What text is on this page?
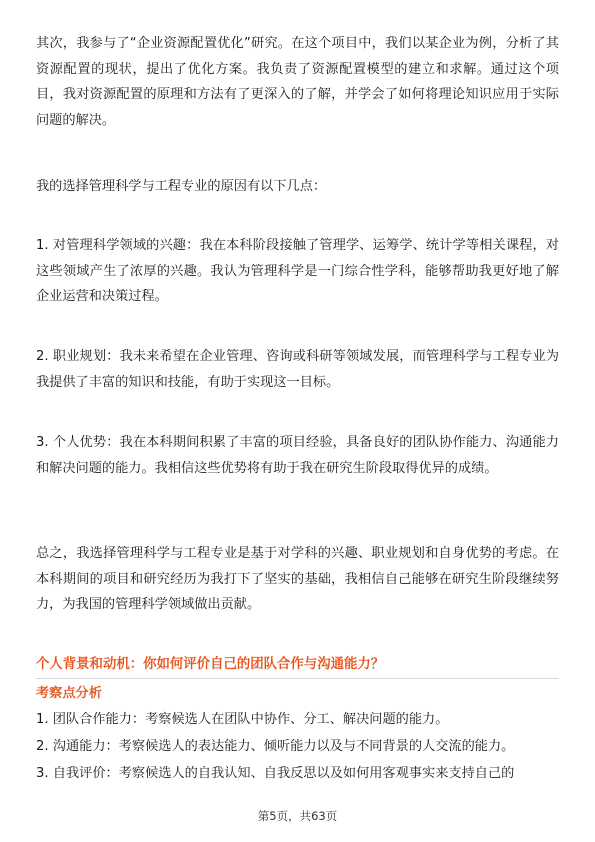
其次，我参与了“企业资源配置优化”研究。在这个项目中，我们以某企业为例，分析了其资源配置的现状，提出了优化方案。我负责了资源配置模型的建立和求解。通过这个项目，我对资源配置的原理和方法有了更深入的了解，并学会了如何将理论知识应用于实际问题的解决。

我的选择管理科学与工程专业的原因有以下几点：

1. 对管理科学领域的兴趣：我在本科阶段接触了管理学、运筹学、统计学等相关课程，对这些领域产生了浓厚的兴趣。我认为管理科学是一门综合性学科，能够帮助我更好地了解企业运营和决策过程。

2. 职业规划：我未来希望在企业管理、咨询或科研等领域发展，而管理科学与工程专业为我提供了丰富的知识和技能，有助于实现这一目标。

3. 个人优势：我在本科期间积累了丰富的项目经验，具备良好的团队协作能力、沟通能力和解决问题的能力。我相信这些优势将有助于我在研究生阶段取得优异的成绩。

总之，我选择管理科学与工程专业是基于对学科的兴趣、职业规划和自身优势的考虑。在本科期间的项目和研究经历为我打下了坚实的基础，我相信自己能够在研究生阶段继续努力，为我国的管理科学领域做出贡献。

个人背景和动机：你如何评价自己的团队合作与沟通能力？
考察点分析

1. 团队合作能力：考察候选人在团队中协作、分工、解决问题的能力。

2. 沟通能力：考察候选人的表达能力、倾听能力以及与不同背景的人交流的能力。

3. 自我评价：考察候选人的自我认知、自我反思以及如何用客观事实来支持自己的

第5页，共63页
